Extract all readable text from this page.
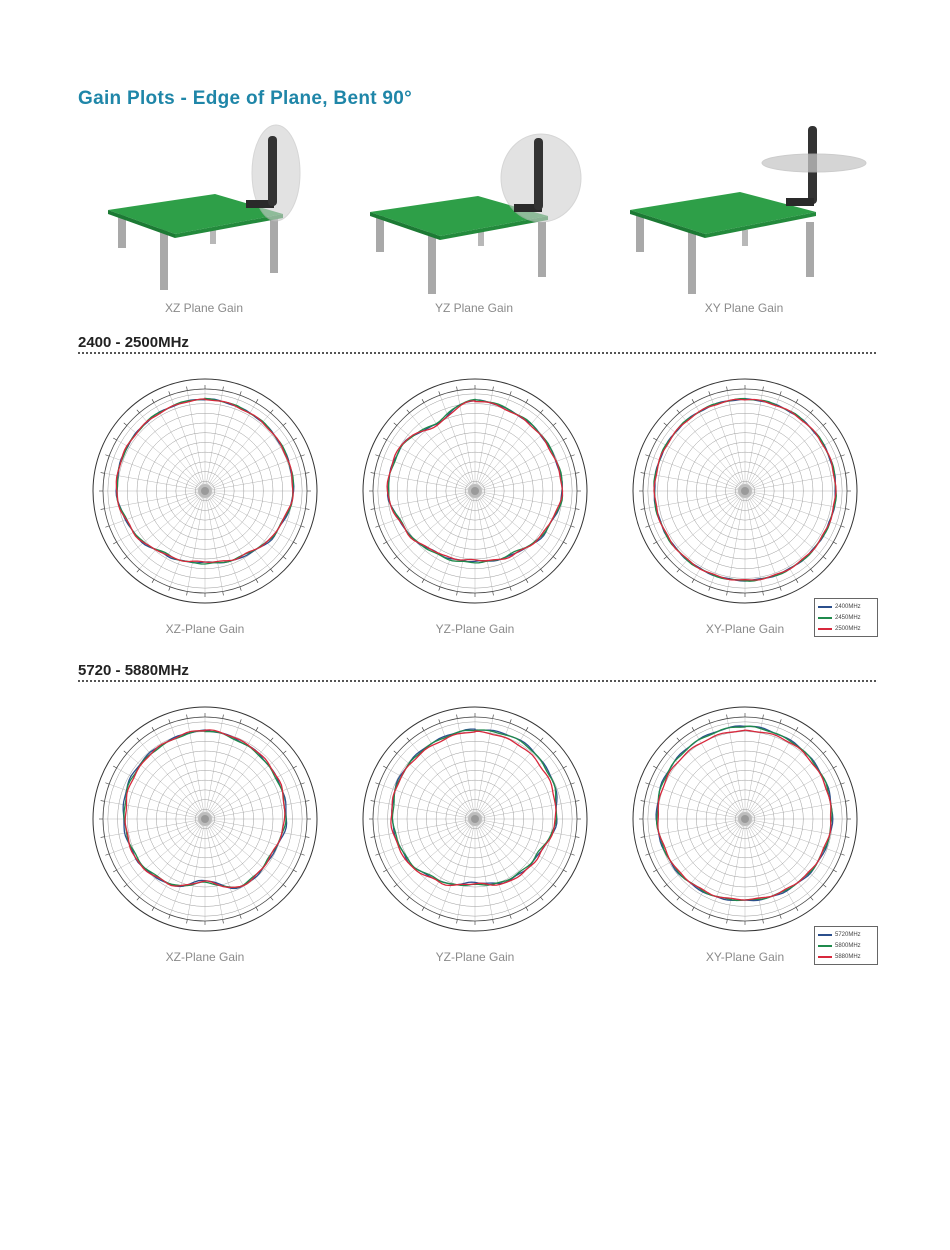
Gain Plots - Edge of Plane, Bent 90°
XZ Plane Gain	YZ Plane Gain	XY Plane Gain
2400 - 2500MHz
5720 - 5880MHz
XZ-Plane Gain	YZ-Plane Gain	XY-Plane Gain
XZ-Plane Gain	YZ-Plane Gain	XY-Plane Gain
2400MHz
2450MHz
2500MHz
5720MHz
5800MHz
5880MHz
